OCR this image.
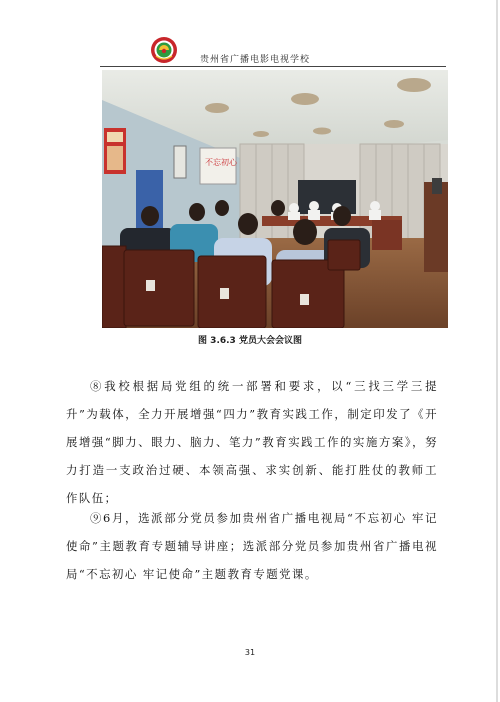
贵州省广播电影电视学校
不忘初心
图 3.6.3 党员大会会议图

⑧我校根据局党组的统一部署和要求，以“三找三学三提升”为载体，全力开展增强“四力”教育实践工作，制定印发了《开展增强“脚力、眼力、脑力、笔力”教育实践工作的实施方案》，努力打造一支政治过硬、本领高强、求实创新、能打胜仗的教师工作队伍；

⑨6月，选派部分党员参加贵州省广播电视局“不忘初心 牢记使命”主题教育专题辅导讲座；选派部分党员参加贵州省广播电视局“不忘初心 牢记使命”主题教育专题党课。

31
